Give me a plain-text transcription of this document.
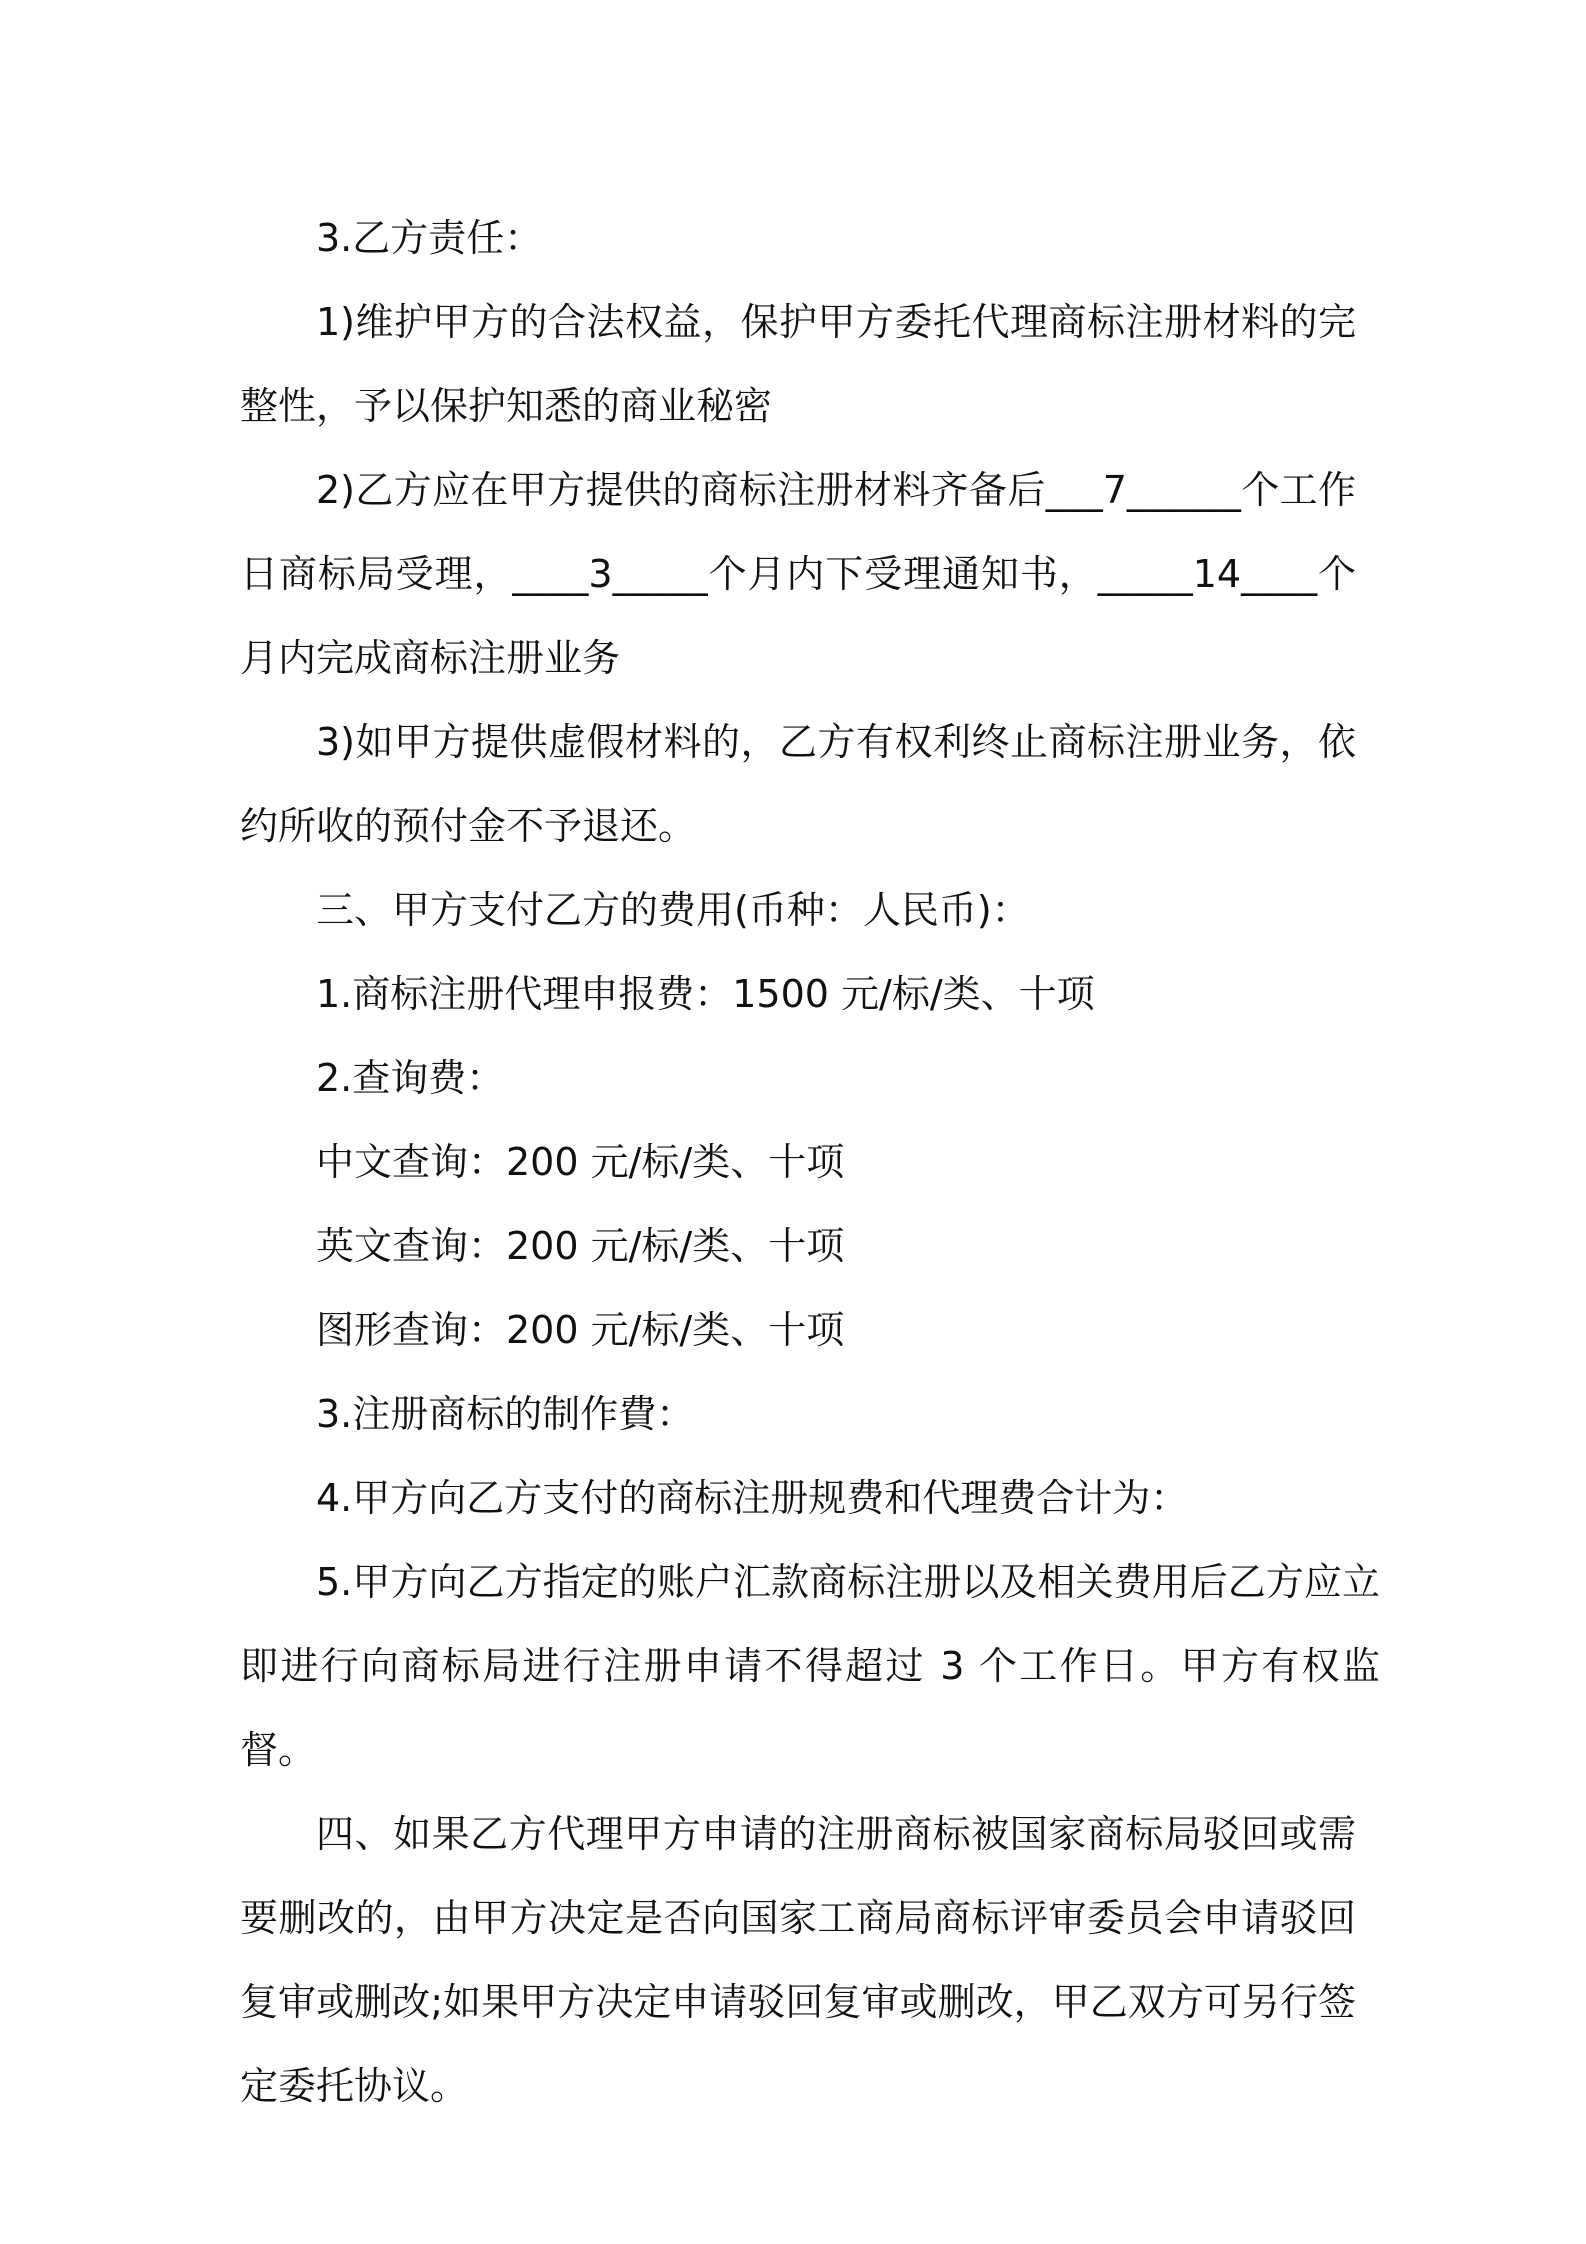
3.乙方责任：

1)维护甲方的合法权益，保护甲方委托代理商标注册材料的完整性，予以保护知悉的商业秘密

2)乙方应在甲方提供的商标注册材料齐备后___7______个工作日商标局受理，____3_____个月内下受理通知书，_____14____个月内完成商标注册业务

3)如甲方提供虚假材料的，乙方有权利终止商标注册业务，依约所收的预付金不予退还。

三、甲方支付乙方的费用(币种：人民币)：

1.商标注册代理申报费：1500 元/标/类、十项

2.查询费：

中文查询：200 元/标/类、十项

英文查询：200 元/标/类、十项

图形查询：200 元/标/类、十项

3.注册商标的制作費：

4.甲方向乙方支付的商标注册规费和代理费合计为：

5.甲方向乙方指定的账户汇款商标注册以及相关费用后乙方应立即进行向商标局进行注册申请不得超过 3 个工作日。甲方有权监督。

四、如果乙方代理甲方申请的注册商标被国家商标局驳回或需要删改的，由甲方决定是否向国家工商局商标评审委员会申请驳回复审或删改;如果甲方决定申请驳回复审或删改，甲乙双方可另行签定委托协议。
